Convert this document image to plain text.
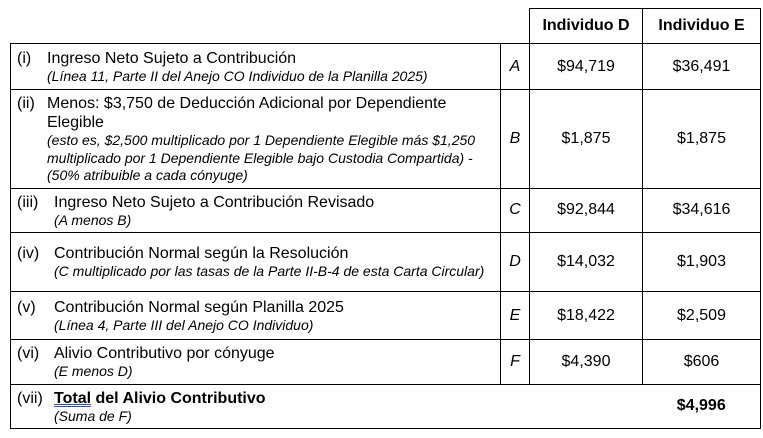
		Individuo D	Individuo E

(i) Ingreso Neto Sujeto a Contribución
(Línea 11, Parte II del Anejo CO Individuo de la Planilla 2025)	A	$94,719	$36,491

(ii) Menos: $3,750 de Deducción Adicional por Dependiente Elegible
(esto es, $2,500 multiplicado por 1 Dependiente Elegible más $1,250 multiplicado por 1 Dependiente Elegible bajo Custodia Compartida) - (50% atribuible a cada cónyuge)	B	$1,875	$1,875

(iii) Ingreso Neto Sujeto a Contribución Revisado
(A menos B)	C	$92,844	$34,616

(iv) Contribución Normal según la Resolución
(C multiplicado por las tasas de la Parte II-B-4 de esta Carta Circular)	D	$14,032	$1,903

(v) Contribución Normal según Planilla 2025
(Línea 4, Parte III del Anejo CO Individuo)	E	$18,422	$2,509

(vi) Alivio Contributivo por cónyuge
(E menos D)	F	$4,390	$606

(vii) Total del Alivio Contributivo
(Suma de F)			$4,996
